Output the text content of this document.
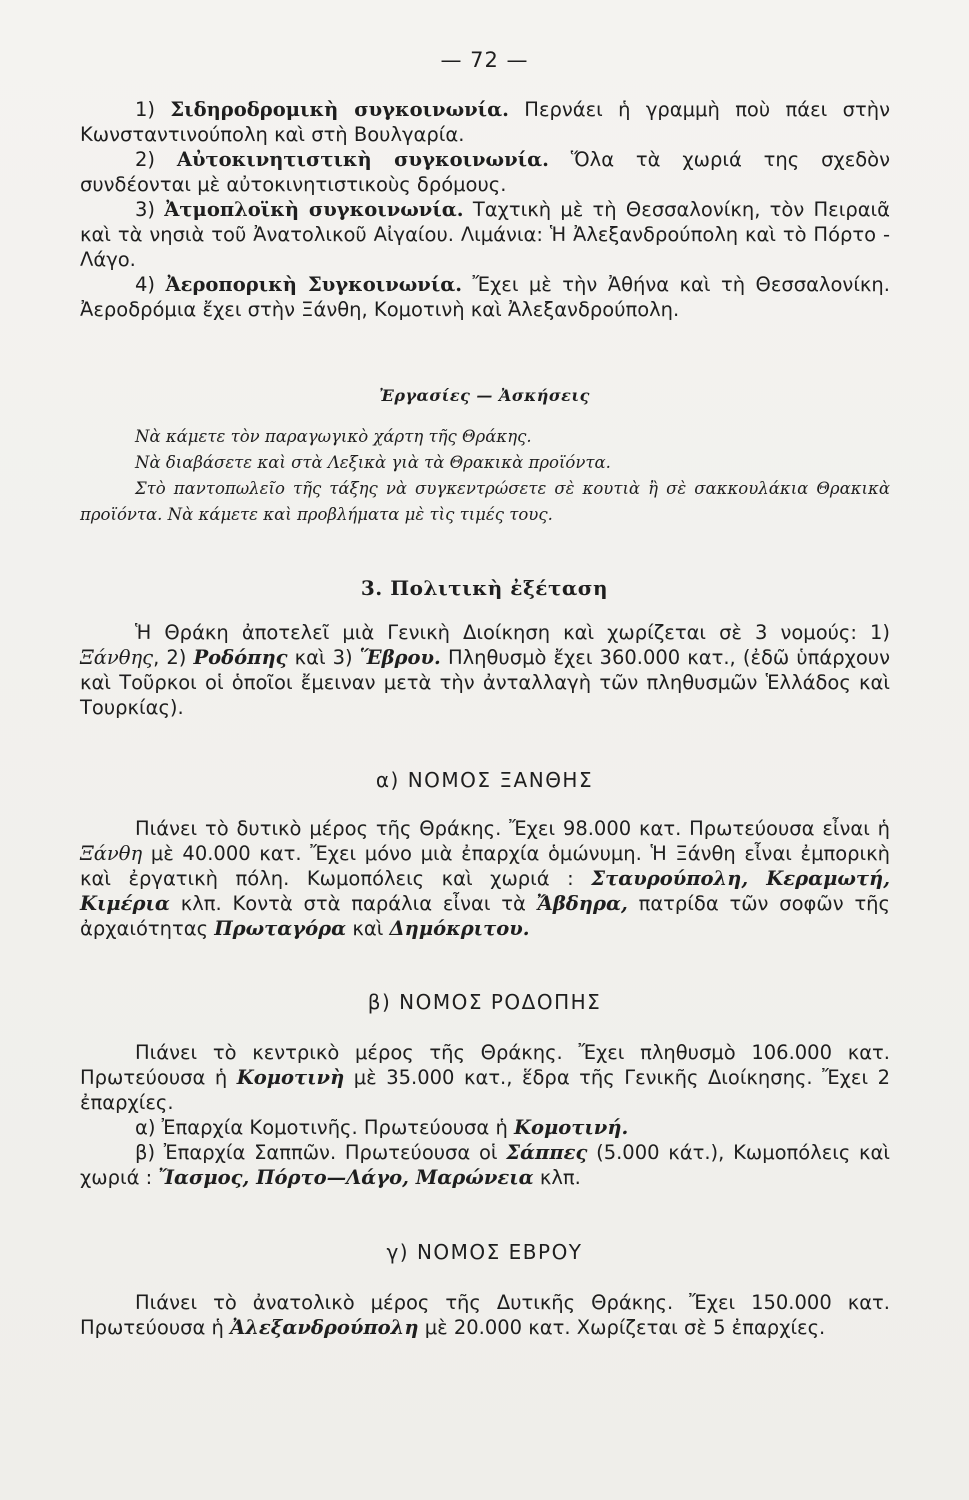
— 72 —

1) Σιδηροδρομικὴ συγκοινωνία. Περνάει ἡ γραμμὴ ποὺ πάει στὴν Κωνσταντινούπολη καὶ στὴ Βουλγαρία.

2) Αὐτοκινητιστικὴ συγκοινωνία. Ὅλα τὰ χωριά της σχεδὸν συνδέονται μὲ αὐτοκινητιστικοὺς δρόμους.

3) Ἀτμοπλοϊκὴ συγκοινωνία. Ταχτικὴ μὲ τὴ Θεσσαλονίκη, τὸν Πειραιᾶ καὶ τὰ νησιὰ τοῦ Ἀνατολικοῦ Αἰγαίου. Λιμάνια: Ἡ Ἀλεξανδρούπολη καὶ τὸ Πόρτο - Λάγο.

4) Ἀεροπορικὴ Συγκοινωνία. Ἔχει μὲ τὴν Ἀθήνα καὶ τὴ Θεσσαλονίκη. Ἀεροδρόμια ἔχει στὴν Ξάνθη, Κομοτινὴ καὶ Ἀλεξανδρούπολη.

Ἐργασίες — Ἀσκήσεις

Νὰ κάμετε τὸν παραγωγικὸ χάρτη τῆς Θράκης.

Νὰ διαβάσετε καὶ στὰ Λεξικὰ γιὰ τὰ Θρακικὰ προϊόντα.

Στὸ παντοπωλεῖο τῆς τάξης νὰ συγκεντρώσετε σὲ κουτιὰ ἢ σὲ σακκουλάκια Θρακικὰ προϊόντα. Νὰ κάμετε καὶ προβλήματα μὲ τὶς τιμές τους.

3. Πολιτικὴ ἐξέταση

Ἡ Θράκη ἀποτελεῖ μιὰ Γενικὴ Διοίκηση καὶ χωρίζεται σὲ 3 νομούς: 1) Ξάνθης, 2) Ροδόπης καὶ 3) Ἕβρου. Πληθυσμὸ ἔχει 360.000 κατ., (ἐδῶ ὑπάρχουν καὶ Τοῦρκοι οἱ ὁποῖοι ἔμειναν μετὰ τὴν ἀνταλλαγὴ τῶν πληθυσμῶν Ἑλλάδος καὶ Τουρκίας).

α) ΝΟΜΟΣ ΞΑΝΘΗΣ

Πιάνει τὸ δυτικὸ μέρος τῆς Θράκης. Ἔχει 98.000 κατ. Πρωτεύουσα εἶναι ἡ Ξάνθη μὲ 40.000 κατ. Ἔχει μόνο μιὰ ἐπαρχία ὁμώνυμη. Ἡ Ξάνθη εἶναι ἐμπορικὴ καὶ ἐργατικὴ πόλη. Κωμοπόλεις καὶ χωριά : Σταυρούπολη, Κεραμωτή, Κιμέρια κλπ. Κοντὰ στὰ παράλια εἶναι τὰ Ἄβδηρα, πατρίδα τῶν σοφῶν τῆς ἀρχαιότητας Πρωταγόρα καὶ Δημόκριτου.

β) ΝΟΜΟΣ ΡΟΔΟΠΗΣ

Πιάνει τὸ κεντρικὸ μέρος τῆς Θράκης. Ἔχει πληθυσμὸ 106.000 κατ. Πρωτεύουσα ἡ Κομοτινὴ μὲ 35.000 κατ., ἕδρα τῆς Γενικῆς Διοίκησης. Ἔχει 2 ἐπαρχίες.

α) Ἐπαρχία Κομοτινῆς. Πρωτεύουσα ἡ Κομοτινή.

β) Ἐπαρχία Σαππῶν. Πρωτεύουσα οἱ Σάππες (5.000 κάτ.), Κωμοπόλεις καὶ χωριά : Ἴασμος, Πόρτο—Λάγο, Μαρώνεια κλπ.

γ) ΝΟΜΟΣ ΕΒΡΟΥ

Πιάνει τὸ ἀνατολικὸ μέρος τῆς Δυτικῆς Θράκης. Ἔχει 150.000 κατ. Πρωτεύουσα ἡ Ἀλεξανδρούπολη μὲ 20.000 κατ. Χωρίζεται σὲ 5 ἐπαρχίες.
